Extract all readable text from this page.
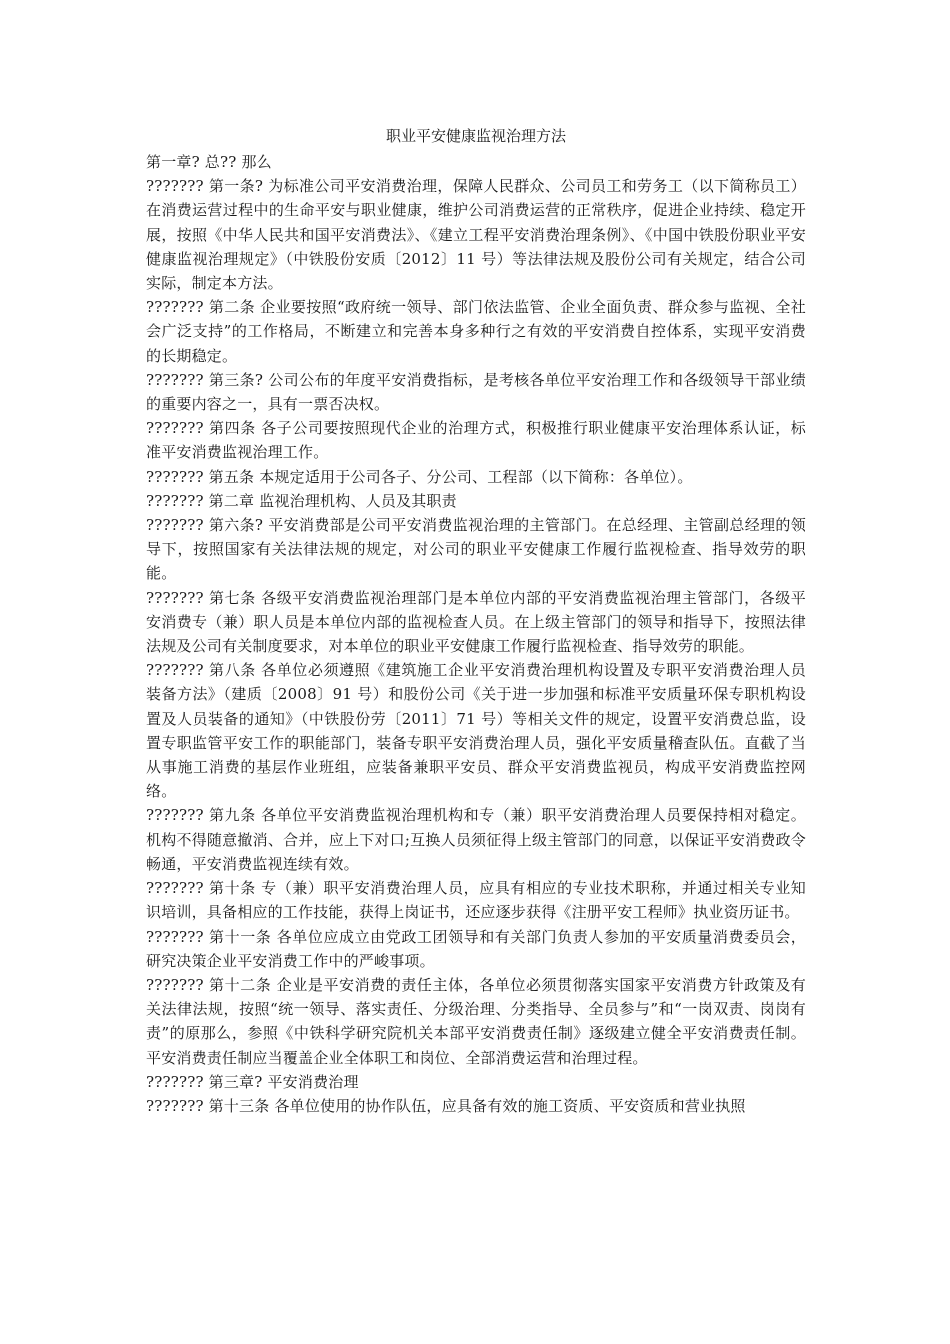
职业平安健康监视治理方法

第一章? 总?? 那么

??????? 第一条? 为标准公司平安消费治理，保障人民群众、公司员工和劳务工（以下简称员工）在消费运营过程中的生命平安与职业健康，维护公司消费运营的正常秩序，促进企业持续、稳定开展，按照《中华人民共和国平安消费法》、《建立工程平安消费治理条例》、《中国中铁股份职业平安健康监视治理规定》（中铁股份安质〔2012〕11 号）等法律法规及股份公司有关规定，结合公司实际，制定本方法。

??????? 第二条 企业要按照“政府统一领导、部门依法监管、企业全面负责、群众参与监视、全社会广泛支持”的工作格局，不断建立和完善本身多种行之有效的平安消费自控体系，实现平安消费的长期稳定。

??????? 第三条? 公司公布的年度平安消费指标，是考核各单位平安治理工作和各级领导干部业绩的重要内容之一，具有一票否决权。

??????? 第四条 各子公司要按照现代企业的治理方式，积极推行职业健康平安治理体系认证，标准平安消费监视治理工作。

??????? 第五条 本规定适用于公司各子、分公司、工程部（以下简称：各单位）。

??????? 第二章 监视治理机构、人员及其职责

??????? 第六条? 平安消费部是公司平安消费监视治理的主管部门。在总经理、主管副总经理的领导下，按照国家有关法律法规的规定，对公司的职业平安健康工作履行监视检查、指导效劳的职能。

??????? 第七条 各级平安消费监视治理部门是本单位内部的平安消费监视治理主管部门，各级平安消费专（兼）职人员是本单位内部的监视检查人员。在上级主管部门的领导和指导下，按照法律法规及公司有关制度要求，对本单位的职业平安健康工作履行监视检查、指导效劳的职能。

??????? 第八条 各单位必须遵照《建筑施工企业平安消费治理机构设置及专职平安消费治理人员装备方法》（建质〔2008〕91 号）和股份公司《关于进一步加强和标准平安质量环保专职机构设置及人员装备的通知》（中铁股份劳〔2011〕71 号）等相关文件的规定，设置平安消费总监，设置专职监管平安工作的职能部门，装备专职平安消费治理人员，强化平安质量稽查队伍。直截了当从事施工消费的基层作业班组，应装备兼职平安员、群众平安消费监视员，构成平安消费监控网络。

??????? 第九条 各单位平安消费监视治理机构和专（兼）职平安消费治理人员要保持相对稳定。机构不得随意撤消、合并，应上下对口;互换人员须征得上级主管部门的同意，以保证平安消费政令畅通，平安消费监视连续有效。

??????? 第十条 专（兼）职平安消费治理人员，应具有相应的专业技术职称，并通过相关专业知识培训，具备相应的工作技能，获得上岗证书，还应逐步获得《注册平安工程师》执业资历证书。

??????? 第十一条 各单位应成立由党政工团领导和有关部门负责人参加的平安质量消费委员会，研究决策企业平安消费工作中的严峻事项。

??????? 第十二条 企业是平安消费的责任主体，各单位必须贯彻落实国家平安消费方针政策及有关法律法规，按照“统一领导、落实责任、分级治理、分类指导、全员参与”和“一岗双责、岗岗有责”的原那么，参照《中铁科学研究院机关本部平安消费责任制》逐级建立健全平安消费责任制。平安消费责任制应当覆盖企业全体职工和岗位、全部消费运营和治理过程。

??????? 第三章? 平安消费治理

??????? 第十三条 各单位使用的协作队伍，应具备有效的施工资质、平安资质和营业执照
